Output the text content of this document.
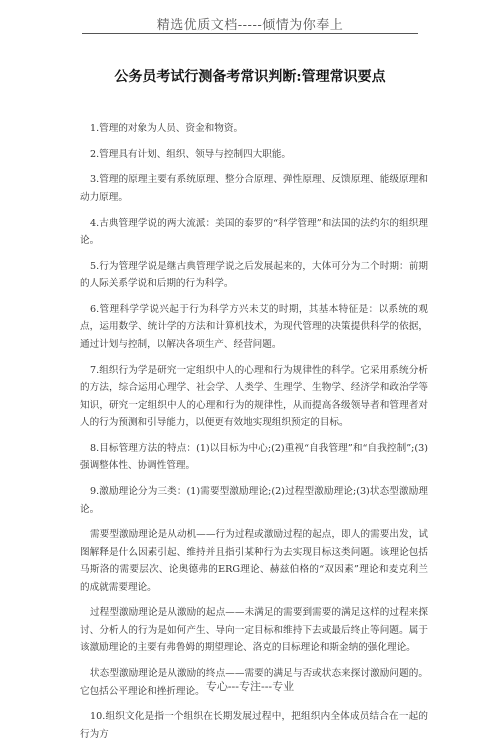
精选优质文档-----倾情为你奉上
公务员考试行测备考常识判断:管理常识要点

1.管理的对象为人员、资金和物资。

2.管理具有计划、组织、领导与控制四大职能。

3.管理的原理主要有系统原理、整分合原理、弹性原理、反馈原理、能级原理和动力原理。

4.古典管理学说的两大流派：美国的泰罗的“科学管理”和法国的法约尔的组织理论。

5.行为管理学说是继古典管理学说之后发展起来的，大体可分为二个时期：前期的人际关系学说和后期的行为科学。

6.管理科学学说兴起于行为科学方兴未艾的时期，其基本特征是：以系统的观点，运用数学、统计学的方法和计算机技术，为现代管理的决策提供科学的依据，通过计划与控制，以解决各项生产、经营问题。

7.组织行为学是研究一定组织中人的心理和行为规律性的科学。它采用系统分析的方法，综合运用心理学、社会学、人类学、生理学、生物学、经济学和政治学等知识，研究一定组织中人的心理和行为的规律性，从而提高各级领导者和管理者对人的行为预测和引导能力，以便更有效地实现组织预定的目标。

8.目标管理方法的特点：(1)以目标为中心;(2)重视“自我管理”和“自我控制”;(3)强调整体性、协调性管理。

9.激励理论分为三类：(1)需要型激励理论;(2)过程型激励理论;(3)状态型激励理论。

需要型激励理论是从动机——行为过程或激励过程的起点，即人的需要出发，试图解释是什么因素引起、维持并且指引某种行为去实现目标这类问题。该理论包括马斯洛的需要层次、论奥德弗的ERG理论、赫兹伯格的“双因素”理论和麦克利兰的成就需要理论。

过程型激励理论是从激励的起点——未满足的需要到需要的满足这样的过程来探讨、分析人的行为是如何产生、导向一定目标和维持下去或最后终止等问题。属于该激励理论的主要有弗鲁姆的期望理论、洛克的目标理论和斯金纳的强化理论。

状态型激励理论是从激励的终点——需要的满足与否或状态来探讨激励问题的。它包括公平理论和挫折理论。

10.组织文化是指一个组织在长期发展过程中，把组织内全体成员结合在一起的行为方

专心---专注---专业
